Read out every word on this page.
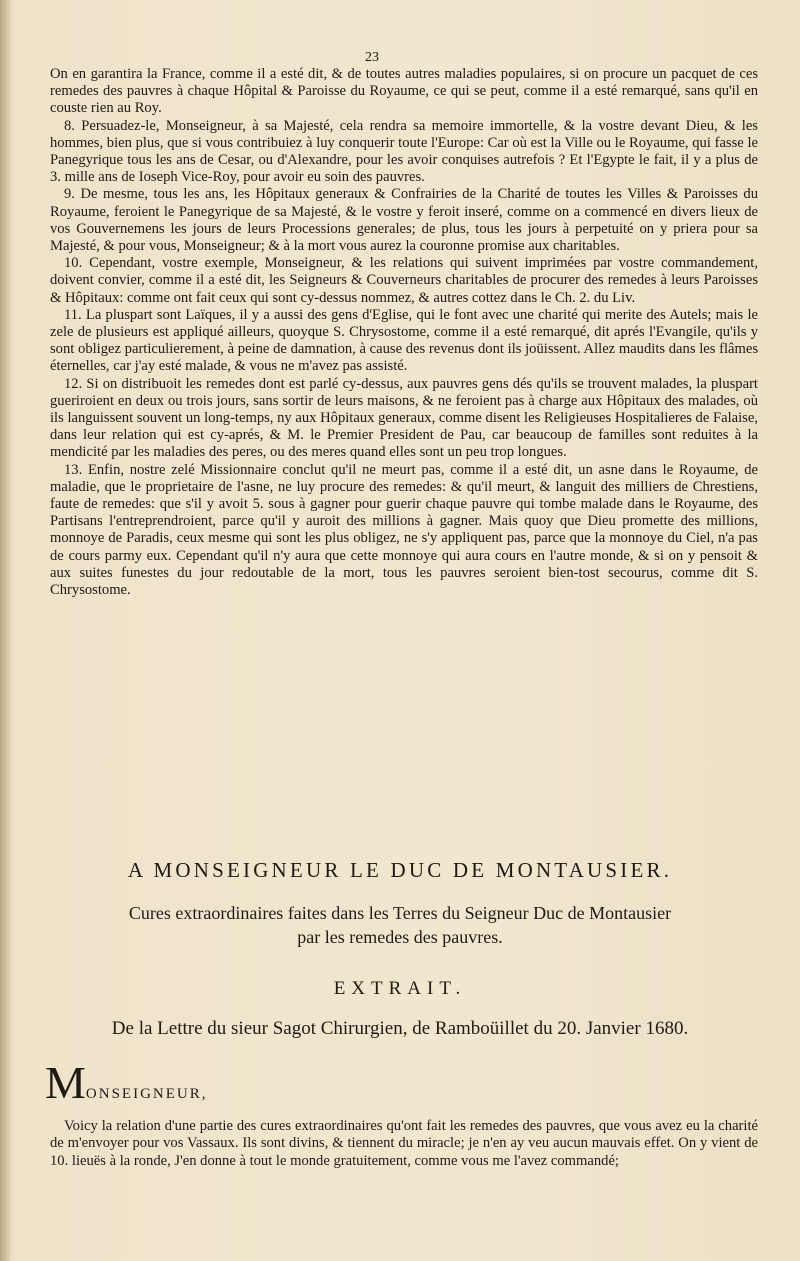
23

On en garantira la France, comme il a esté dit, & de toutes autres maladies populaires, si on procure un pacquet de ces remedes des pauvres à chaque Hôpital & Paroisse du Royaume, ce qui se peut, comme il a esté remarqué, sans qu'il en couste rien au Roy.

8. Persuadez-le, Monseigneur, à sa Majesté, cela rendra sa memoire immortelle, & la vostre devant Dieu, & les hommes, bien plus, que si vous contribuiez à luy conquerir toute l'Europe: Car où est la Ville ou le Royaume, qui fasse le Panegyrique tous les ans de Cesar, ou d'Alexandre, pour les avoir conquises autrefois ? Et l'Egypte le fait, il y a plus de 3. mille ans de Ioseph Vice-Roy, pour avoir eu soin des pauvres.

9. De mesme, tous les ans, les Hôpitaux generaux & Confrairies de la Charité de toutes les Villes & Paroisses du Royaume, feroient le Panegyrique de sa Majesté, & le vostre y feroit inseré, comme on a commencé en divers lieux de vos Gouvernemens les jours de leurs Processions generales; de plus, tous les jours à perpetuité on y priera pour sa Majesté, & pour vous, Monseigneur; & à la mort vous aurez la couronne promise aux charitables.

10. Cependant, vostre exemple, Monseigneur, & les relations qui suivent imprimées par vostre commandement, doivent convier, comme il a esté dit, les Seigneurs & Couverneurs charitables de procurer des remedes à leurs Paroisses & Hôpitaux: comme ont fait ceux qui sont cy-dessus nommez, & autres cottez dans le Ch. 2. du Liv.

11. La pluspart sont Laïques, il y a aussi des gens d'Eglise, qui le font avec une charité qui merite des Autels; mais le zele de plusieurs est appliqué ailleurs, quoyque S. Chrysostome, comme il a esté remarqué, dit aprés l'Evangile, qu'ils y sont obligez particulierement, à peine de damnation, à cause des revenus dont ils joüissent. Allez maudits dans les flâmes éternelles, car j'ay esté malade, & vous ne m'avez pas assisté.

12. Si on distribuoit les remedes dont est parlé cy-dessus, aux pauvres gens dés qu'ils se trouvent malades, la pluspart gueriroient en deux ou trois jours, sans sortir de leurs maisons, & ne feroient pas à charge aux Hôpitaux des malades, où ils languissent souvent un long-temps, ny aux Hôpitaux generaux, comme disent les Religieuses Hospitalieres de Falaise, dans leur relation qui est cy-aprés, & M. le Premier President de Pau, car beaucoup de familles sont reduites à la mendicité par les maladies des peres, ou des meres quand elles sont un peu trop longues.

13. Enfin, nostre zelé Missionnaire conclut qu'il ne meurt pas, comme il a esté dit, un asne dans le Royaume, de maladie, que le proprietaire de l'asne, ne luy procure des remedes: & qu'il meurt, & languit des milliers de Chrestiens, faute de remedes: que s'il y avoit 5. sous à gagner pour guerir chaque pauvre qui tombe malade dans le Royaume, des Partisans l'entreprendroient, parce qu'il y auroit des millions à gagner. Mais quoy que Dieu promette des millions, monnoye de Paradis, ceux mesme qui sont les plus obligez, ne s'y appliquent pas, parce que la monnoye du Ciel, n'a pas de cours parmy eux. Cependant qu'il n'y aura que cette monnoye qui aura cours en l'autre monde, & si on y pensoit & aux suites funestes du jour redoutable de la mort, tous les pauvres seroient bien-tost secourus, comme dit S. Chrysostome.

A MONSEIGNEUR LE DUC DE MONTAUSIER.
Cures extraordinaires faites dans les Terres du Seigneur Duc de Montausier
par les remedes des pauvres.
EXTRAIT.
De la Lettre du sieur Sagot Chirurgien, de Ramboüillet du 20. Janvier 1680.
MONSEIGNEUR,

Voicy la relation d'une partie des cures extraordinaires qu'ont fait les remedes des pauvres, que vous avez eu la charité de m'envoyer pour vos Vassaux. Ils sont divins, & tiennent du miracle; je n'en ay veu aucun mauvais effet. On y vient de 10. lieuës à la ronde, J'en donne à tout le monde gratuitement, comme vous me l'avez commandé;
